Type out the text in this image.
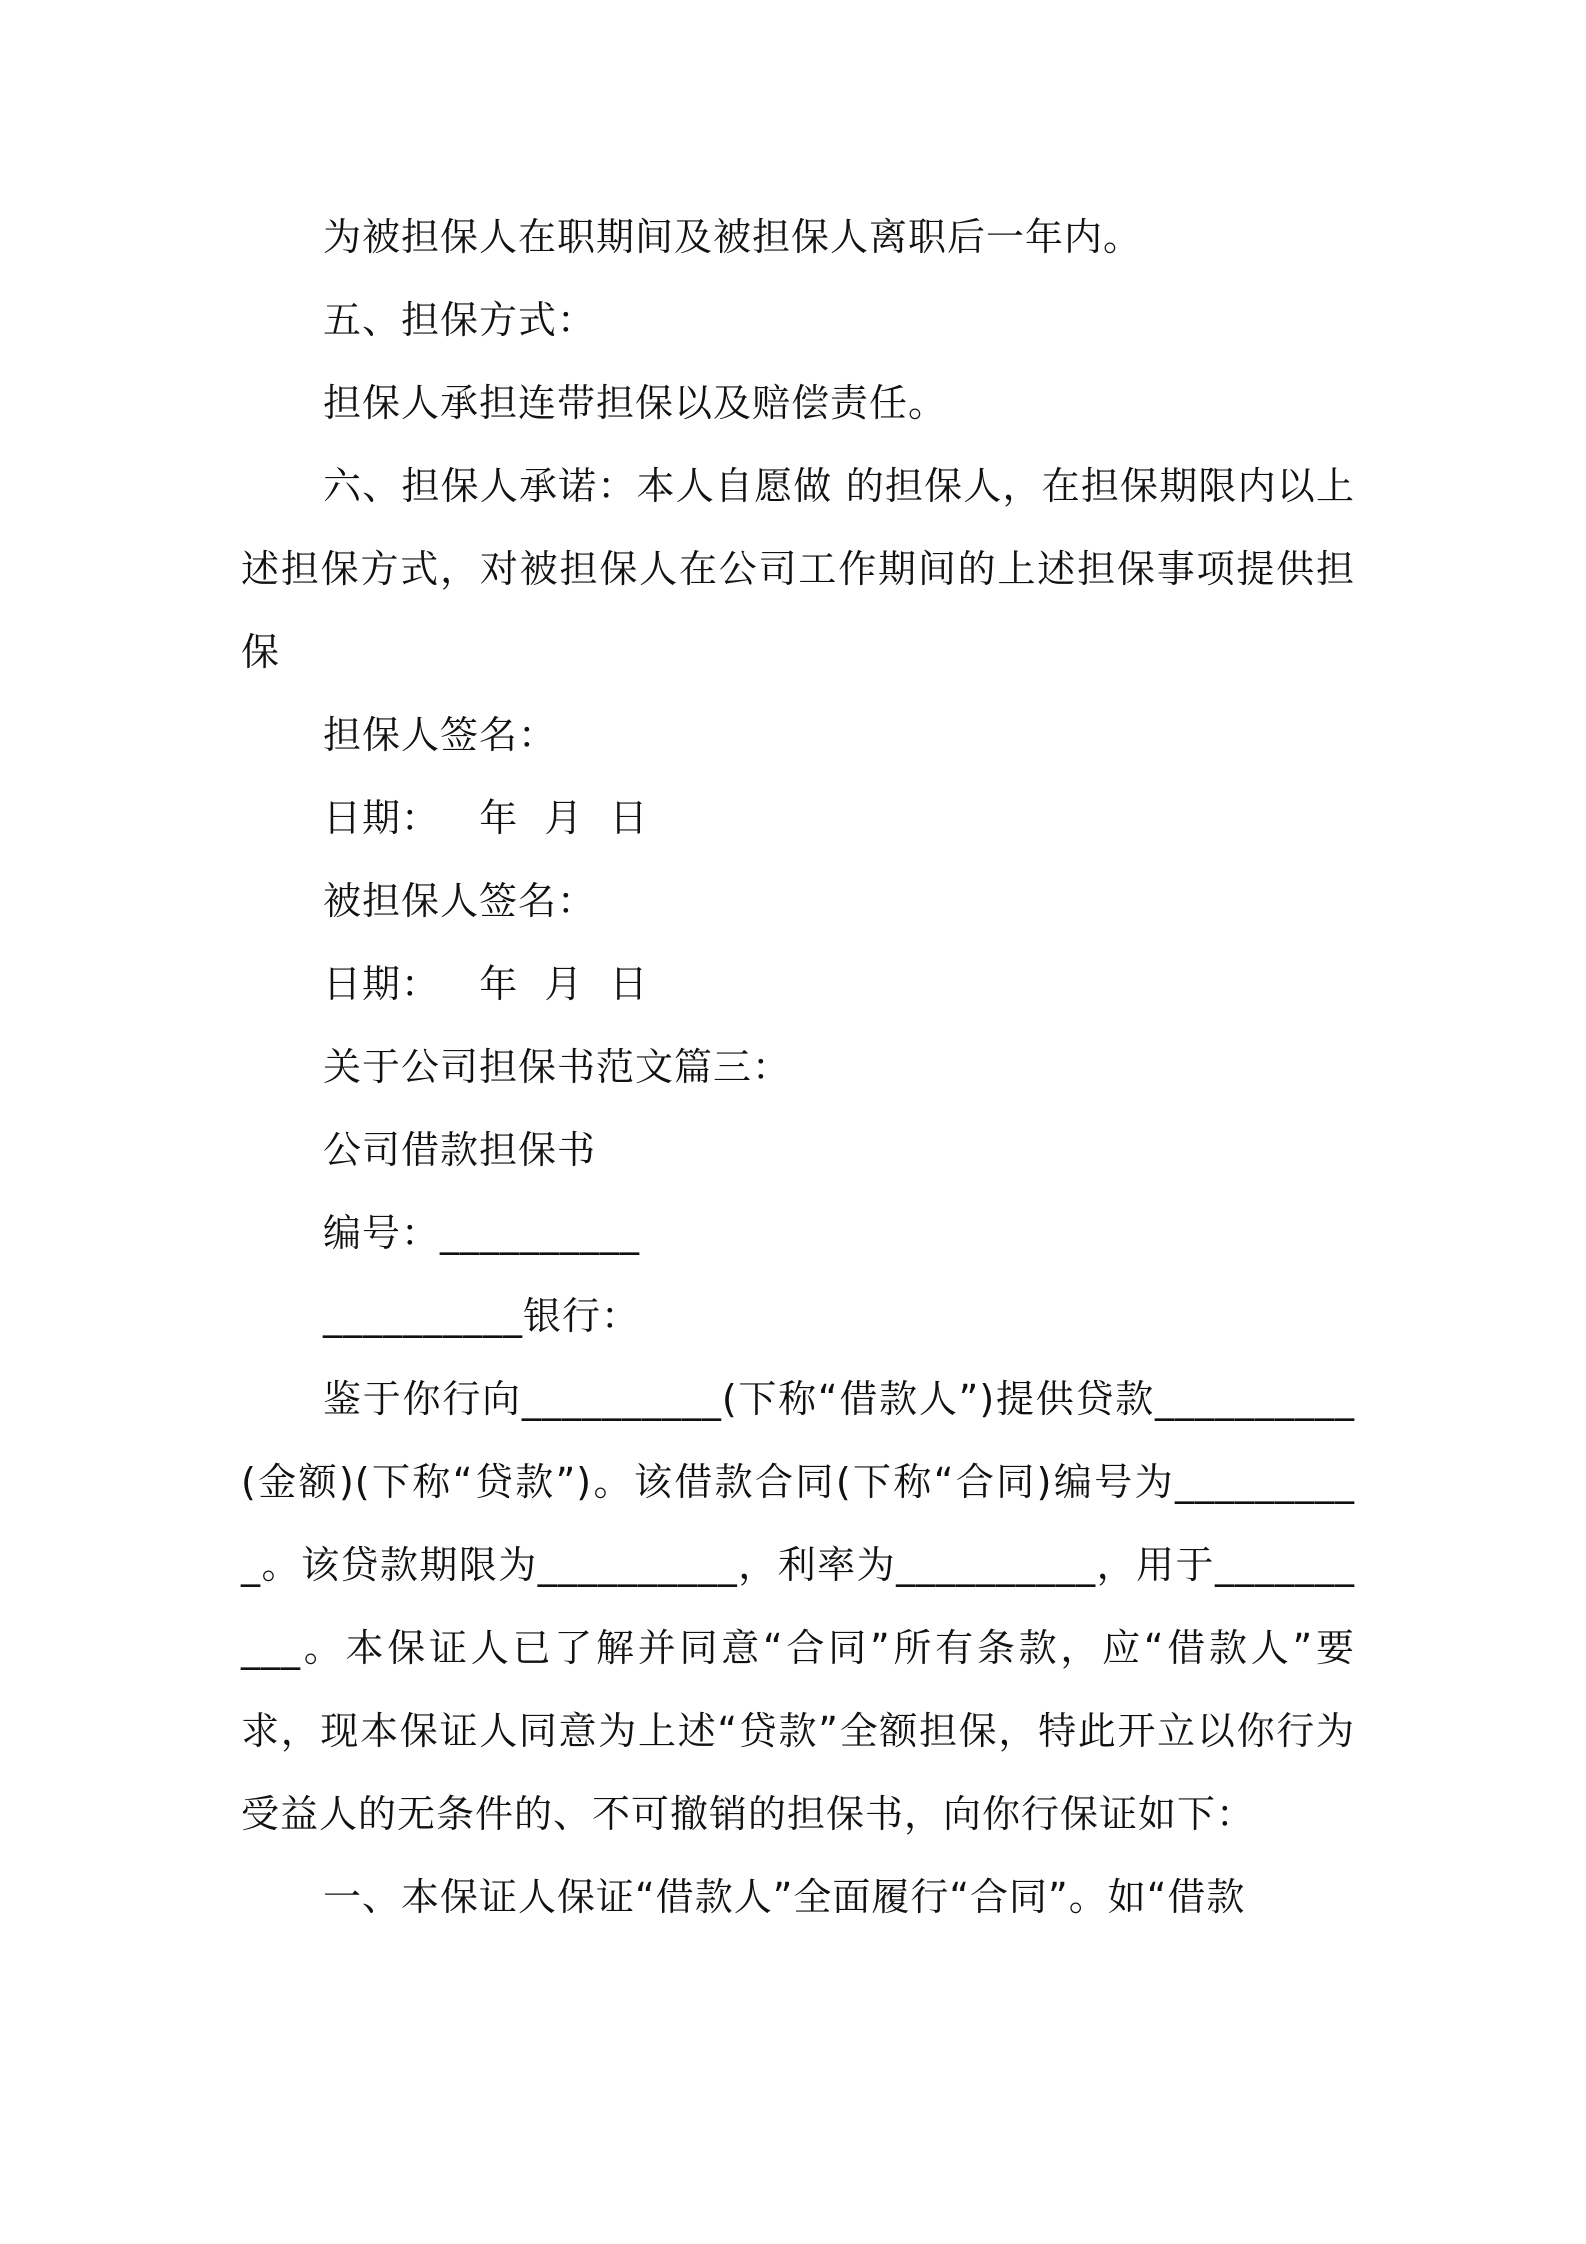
为被担保人在职期间及被担保人离职后一年内。

五、担保方式：

担保人承担连带担保以及赔偿责任。

六、担保人承诺：本人自愿做 的担保人，在担保期限内以上述担保方式，对被担保人在公司工作期间的上述担保事项提供担保

担保人签名：

日期：   年  月  日

被担保人签名：

日期：   年  月  日

关于公司担保书范文篇三：

公司借款担保书

编号：__________

__________银行：

鉴于你行向__________(下称“借款人”)提供贷款__________(金额)(下称“贷款”)。该借款合同(下称“合同)编号为__________。该贷款期限为__________，利率为__________，用于__________。本保证人已了解并同意“合同”所有条款，应“借款人”要求，现本保证人同意为上述“贷款”全额担保，特此开立以你行为受益人的无条件的、不可撤销的担保书，向你行保证如下：

一、本保证人保证“借款人”全面履行“合同”。如“借款
